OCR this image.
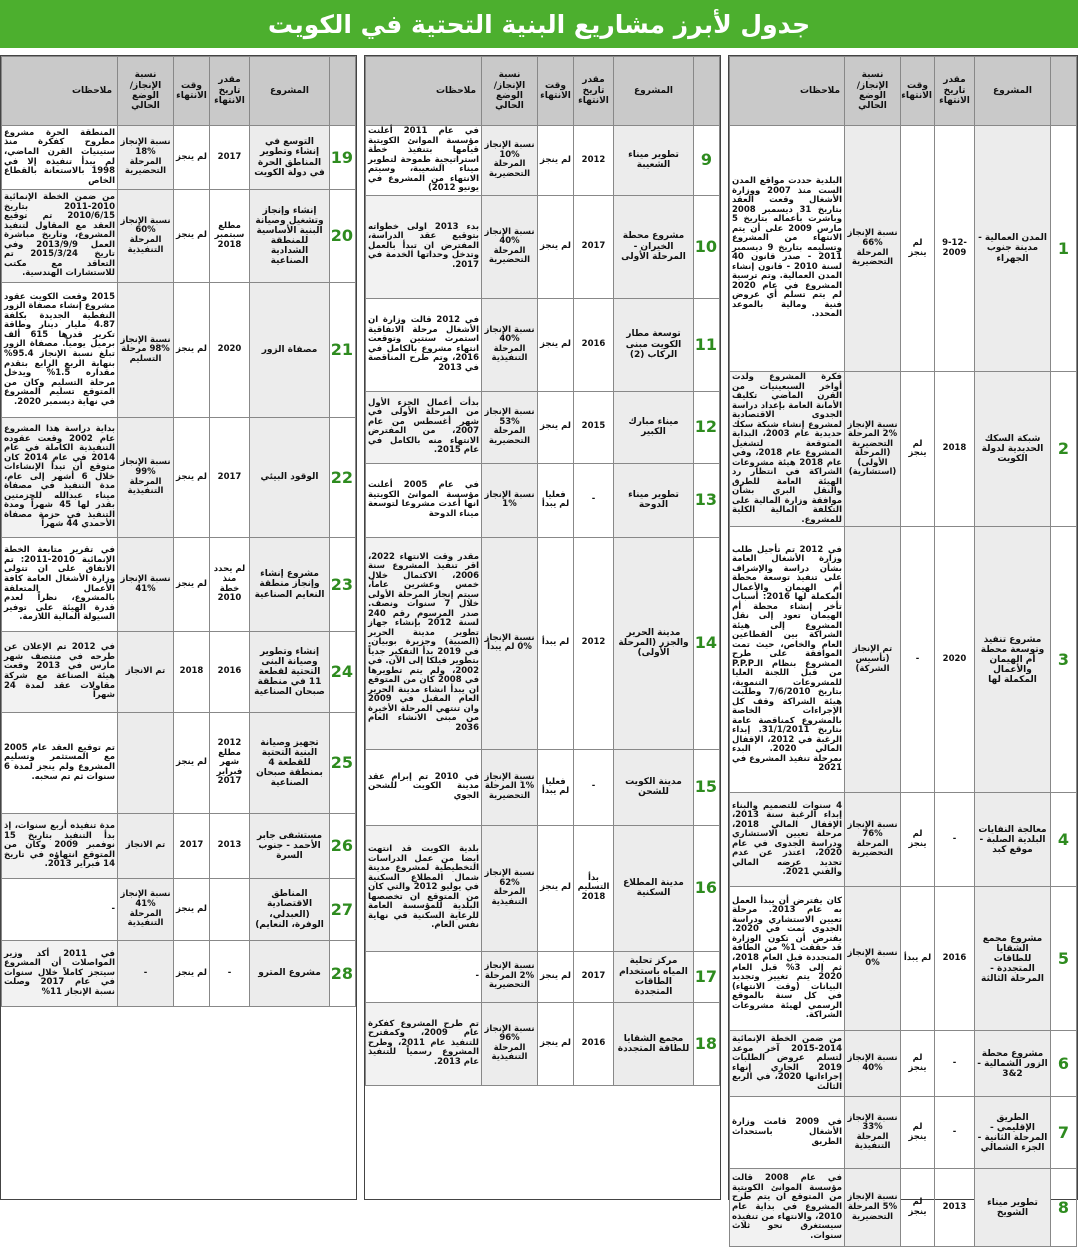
جدول لأبرز مشاريع البنية التحتية في الكويت
	المشروع	مقدر تاريخ الانتهاء	وقت الانتهاء	نسبة الإنجاز/ الوضع الحالي	ملاحظات
1	المدن العمالية - مدينة جنوب الجهراء	9-12-2009	لم ينجز	نسبة الإنجاز %66 المرحلة التحضيرية	البلدية حددت مواقع المدن الست منذ 2007 ووزارة الأشغال وقعت العقد بتاريخ 31 ديسمبر 2008 وباشرت بأعماله بتاريخ 5 مارس 2009 على أن يتم الانتهاء من المشروع وتسليمه بتاريخ 9 ديسمبر 2011 - صدر قانون 40 لسنة 2010 - قانون إنشاء المدن العمالية. وتم ترسية المشروع في عام 2020 لم يتم تسلم أي عروض فنية ومالية بالموعد المحدد.
2	شبكة السكك الحديدية لدولة الكويت	2018	لم ينجز	نسبة الإنجاز %2 المرحلة التحضيرية (المرحلة الأولى) (استشارية)	فكرة المشروع ولدت أواخر السبعينيات من القرن الماضي تكليف الأمانة العامة بإعداد دراسة الجدوى الاقتصادية لمشروع إنشاء شبكة سكك حديدية عام 2003، البداية المتوقعة لتشغيل المشروع عام 2018، وفي عام 2018 هيئة مشروعات الشراكة في انتظار رد الهيئة العامة للطرق والنقل البري بشأن موافقة وزارة المالية على التكلفة المالية الكلية للمشروع.
3	مشروع تنفيذ وتوسعة محطة أم الهيمان والأعمال المكملة لها	2020	-	تم الإنجاز (تأسيس الشركة)	في 2012 تم تأجيل طلب وزارة الأشغال العامة بشأن دراسة والإشراف على تنفيذ توسعة محطة أم الهيمان والأعمال المكملة لها 2016: أسباب تأخر إنشاء محطة أم الهيمان تعود إلى نقل المشروع إلى هيئة الشراكة بين القطاعين العام والخاص، حيث تمت الموافقة على طرح المشروع بنظام الـP.P.P من قبل اللجنة العليا للمشروعات التنموية، بتاريخ 7/6/2010 وطلبت هيئة الشراكة وقف كل الإجراءات الخاصة بالمشروع كمناقصة عامة بتاريخ 31/1/2011. إبداء الرغبة في 2012، الإقفال المالي 2020. البدء بمرحلة تنفيذ المشروع في 2021
4	معالجة النفايات البلدية الصلبة - موقع كبد	-	لم ينجز	نسبة الإنجاز %76 المرحلة التحضيرية	4 سنوات للتصميم والبناء إبداء الرغبة سنة 2013، الإقفال المالي 2018، مرحلة تعيين الاستشاري ودراسة الجدوى في عام 2020، اعتذر عن عدم تجديد عرضه المالي والفني 2021.
5	مشروع مجمع الشقايا للطاقات المتجددة - المرحلة الثالثة	2016	لم يبدأ	نسبة الإنجاز %0	كان يفترض أن يبدأ العمل به عام 2013. مرحلة تعيين الاستشاري ودراسة الجدوى تمت في 2020. يفترض أن تكون الوزارة قد حققت 1% من الطاقة المتجددة قبل العام 2018، ثم إلى 3% قبل العام 2020 يتم تغيير وتجديد البيانات (وقت الانتهاء) في كل سنة بالموقع الرسمي لهيئة مشروعات الشراكة.
6	مشروع محطة الزور الشمالية - 2&3	-	لم ينجز	نسبة الإنجاز %40	من ضمن الخطة الإنمائية 2014-2015 آخر موعد لتسلم عروض الطلبات 2019 الجاري إنهاء إجراءاتها 2020، في الربع الثالث
7	الطريق الإقليمي - المرحلة الثانية - الجزء الشمالي	-	لم ينجز	نسبة الإنجاز %33 المرحلة التنفيذية	في 2009 قامت وزارة الأشغال باستحداث الطريق
8	تطوير ميناء الشويخ	2013	لم ينجز	نسبة الإنجاز %5 المرحلة التحضيرية	في عام 2008 قالت مؤسسة الموانئ الكويتية من المتوقع ان يتم طرح المشروع في بداية عام 2010، والانتهاء من تنفيذه سيستغرق نحو ثلاث سنوات.
	المشروع	مقدر تاريخ الانتهاء	وقت الانتهاء	نسبة الإنجاز/ الوضع الحالي	ملاحظات
9	تطوير ميناء الشعيبة	2012	لم ينجز	نسبة الإنجاز %10 المرحلة التحضيرية	في عام 2011 أعلنت مؤسسة الموانئ الكويتية قيامها بتنفيذ خطة استراتيجية طموحة لتطوير ميناء الشعيبة، وسيتم الانتهاء من المشروع في يونيو 2012)
10	مشروع محطة الخيران - المرحلة الأولى	2017	لم ينجز	نسبة الإنجاز %40 المرحلة التحضيرية	بدء 2013 اولى خطواته بتوقيع عقد الدراسة، المفترض ان تبدأ بالعمل وتدخل وحداتها الخدمة في 2017.
11	توسعة مطار الكويت مبنى الركاب (2)	2016	لم ينجز	نسبة الإنجاز %40 المرحلة التنفيذية	في 2012 قالت وزارة ان الأشغال مرحلة الاتفاقية استمرت سنتين وتوقعت انتهاء مشروع بالكامل في 2016، وتم طرح المناقصة في 2013
12	ميناء مبارك الكبير	2015	لم ينجز	نسبة الإنجاز %53 المرحلة التحضيرية	بدأت أعمال الجزء الأول من المرحلة الأولى في شهر أغسطس من عام 2007، من المفترض الانتهاء منه بالكامل في عام 2015.
13	تطوير ميناء الدوحة	-	فعليا لم يبدأ	نسبة الإنجاز %1	في عام 2005 أعلنت مؤسسة الموانئ الكويتية انها أعدت مشروعا لتوسعة ميناء الدوحة
14	مدينة الحرير والجزر (المرحلة الأولى)	2012	لم يبدأ	نسبة الإنجاز %0 لم يبدأ	مقدر وقت الانتهاء 2022، اقر تنفيذ المشروع سنة 2006، الاكتمال خلال خمس وعشرين عاماً، سيتم إنجاز المرحلة الأولى خلال 7 سنوات ونصف. صدر المرسوم رقم 240 لسنة 2012 بإنشاء جهاز تطوير مدينة الحرير (الصبية) وجزيرة بوبيان. في 2019 بدأ التفكير جدياً بتطوير فيلكا إلى الآن. في 2002، ولم يتم تطويرها في 2008 كان من المتوقع ان يبدأ انشاء مدينة الحرير العام المقبل في 2009 وان تنتهي المرحلة الأخيرة من مبنى الانشاء العام 2036
15	مدينة الكويت للشحن	-	فعليا لم يبدأ	نسبة الإنجاز %1 المرحلة التحضيرية	في 2010 تم إبرام عقد مدينة الكويت للشحن الجوي
16	مدينة المطلاع السكنية	بدأ التسليم 2018	لم ينجز	نسبة الإنجاز %62 المرحلة التنفيذية	بلدية الكويت قد انتهت ايضا من عمل الدراسات التخطيطية لمشروع مدينة شمال المطلاع السكنية في يوليو 2012 والتي كان من المتوقع ان تخصصها البلدية للمؤسسة العامة للرعاية السكنية في نهاية نفس العام.
17	مركز تحلية المياه باستخدام الطاقات المتجددة	2017	لم ينجز	نسبة الإنجاز %2 المرحلة التحضيرية	-
18	مجمع الشقايا للطاقة المتجددة	2016	لم ينجز	نسبة الإنجاز %96 المرحلة التنفيذية	تم طرح المشروع كفكرة عام 2009، وكمقترح للتنفيذ عام 2011، وطرح المشروع رسمياً للتنفيذ عام 2013.
	المشروع	مقدر تاريخ الانتهاء	وقت الانتهاء	نسبة الإنجاز/ الوضع الحالي	ملاحظات
19	التوسع في إنشاء وتطوير المناطق الحرة في دولة الكويت	2017	لم ينجز	نسبة الإنجاز %18 المرحلة التحضيرية	المنطقة الحرة مشروع مطروح كفكرة منذ ستينيات القرن الماضي، لم يبدأ تنفيذه إلا في 1998 بالاستعانة بالقطاع الخاص
20	إنشاء وإنجاز وتشغيل وصيانة البنية الأساسية للمنطقة الشدادية الصناعية	مطلع سبتمبر 2018	لم ينجز	نسبة الإنجاز %60 المرحلة التنفيذية	من ضمن الخطة الإنمائية 2010-2011 بتاريخ 2010/6/15 تم توقيع العقد مع المقاول لتنفيذ المشروع، وتاريخ مباشرة العمل 2013/9/9 وفي تاريخ 2015/3/24 تم التعاقد مع مكتب للاستشارات الهندسية.
21	مصفاة الزور	2020	لم ينجز	نسبة الإنجاز %98 مرحلة التسليم	2015 وقعت الكويت عقود مشروع إنشاء مصفاة الزور النفطية الجديدة بكلفة 4.87 مليار دينار وطاقة تكرير قدرها 615 ألف برميل يومياً. مصفاة الزور تبلغ نسبة الإنجاز 95.4% بنهاية الربع الرابع بتقدم مقداره 1.5% ويدخل مرحلة التسليم وكان من المتوقع تسليم المشروع في نهاية ديسمبر 2020.
22	الوقود البيئي	2017	لم ينجز	نسبة الإنجاز %99 المرحلة التنفيذية	بداية دراسة هذا المشروع عام 2002 وقعت عقوده التنفيذية الكاملة في عام 2014 في عام 2014 كان متوقع أن تبدأ الإنشاءات خلال 6 أشهر إلى عام، مدة التنفيذ في مصفاة ميناء عبدالله للجزمتين بقدر لها 45 شهراً ومدة التنفيذ في حزمة مصفاة الأحمدي 44 شهراً
23	مشروع إنشاء وإنجاز منطقة النعايم الصناعية	لم يحدد منذ خطة 2010	لم ينجز	نسبة الإنجاز %41	في تقرير متابعة الخطة الإنمائية 2010-2011: تم الاتفاق على ان تتولى وزارة الأشغال العامة كافة الأعمال المتعلقة بالمشروع، نظراً لعدم قدرة الهيئة على توفير السيولة المالية اللازمة.
24	إنشاء وتطوير وصيانة البنى التحتية لقطعة 11 في منطقة صبحان الصناعية	2016	2018	تم الانجاز	في 2012 تم الإعلان عن طرحه في منتصف شهر مارس في 2013 وقعت هيئة الصناعة مع شركة مقاولات عقد لمدة 24 شهراً
25	تجهيز وصيانة البنية التحتية للقطعة 4 بمنطقة صبحان الصناعية	2012 مطلع شهر فبراير 2017	لم ينجز		تم توقيع العقد عام 2005 مع المستثمر وتسليم المشروع ولم ينجز لمدة 6 سنوات ثم تم سحبه.
26	مستشفى جابر الأحمد - جنوب السرة	2013	2017	تم الانجاز	مدة تنفيذه أربع سنوات، إذ بدأ التنفيذ بتاريخ 15 نوفمبر 2009 وكان من المتوقع انتهاؤه في تاريخ 14 فبراير 2013.
27	المناطق الاقتصادية (العبدلي، الوفرة، النعايم)		لم ينجز	نسبة الإنجاز %41 المرحلة التنفيذية	-
28	مشروع المترو	-	لم ينجز	-	في 2011 أكد وزير المواصلات أن المشروع سيتجز كاملاً خلال سنوات في عام 2017 وصلت نسبة الإنجاز 11%
